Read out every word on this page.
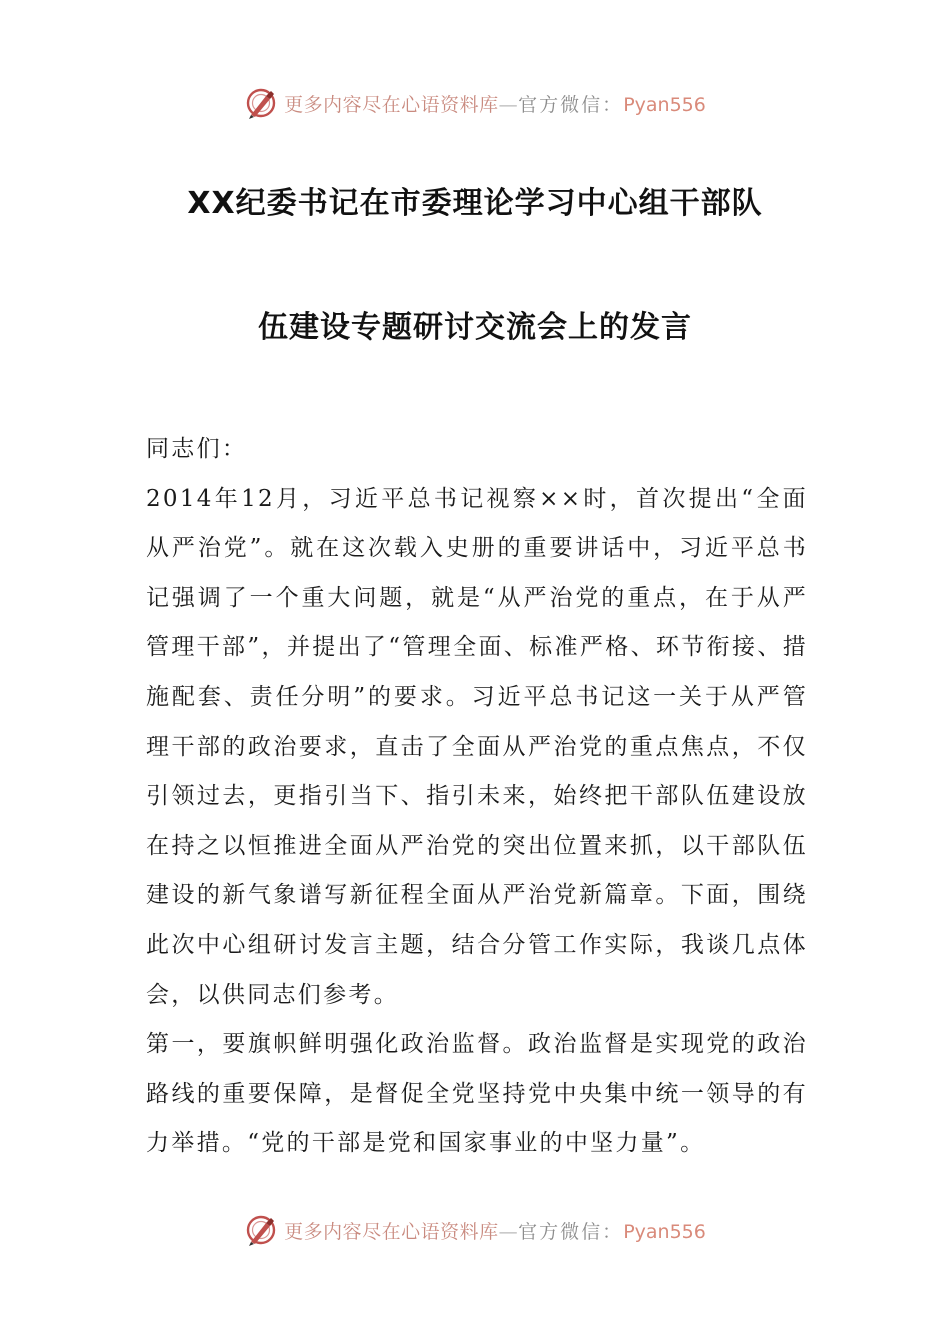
更多内容尽在心语资料库—官方微信：Pyan556
XX纪委书记在市委理论学习中心组干部队
伍建设专题研讨交流会上的发言

同志们：

2014年12月，习近平总书记视察××时，首次提出“全面从严治党”。就在这次载入史册的重要讲话中，习近平总书记强调了一个重大问题，就是“从严治党的重点，在于从严管理干部”，并提出了“管理全面、标准严格、环节衔接、措施配套、责任分明”的要求。习近平总书记这一关于从严管理干部的政治要求，直击了全面从严治党的重点焦点，不仅引领过去，更指引当下、指引未来，始终把干部队伍建设放在持之以恒推进全面从严治党的突出位置来抓，以干部队伍建设的新气象谱写新征程全面从严治党新篇章。下面，围绕此次中心组研讨发言主题，结合分管工作实际，我谈几点体会，以供同志们参考。

第一，要旗帜鲜明强化政治监督。政治监督是实现党的政治路线的重要保障，是督促全党坚持党中央集中统一领导的有力举措。“党的干部是党和国家事业的中坚力量”。

更多内容尽在心语资料库—官方微信：Pyan556
